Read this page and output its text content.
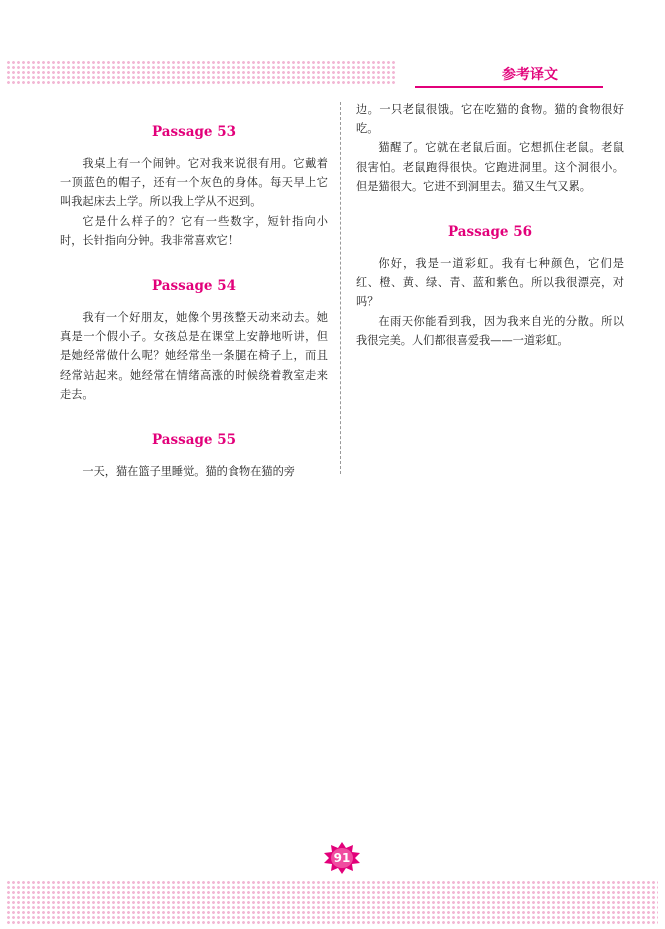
参考译文
Passage 53

我桌上有一个闹钟。它对我来说很有用。它戴着一顶蓝色的帽子，还有一个灰色的身体。每天早上它叫我起床去上学。所以我上学从不迟到。

它是什么样子的？它有一些数字，短针指向小时，长针指向分钟。我非常喜欢它！

Passage 54

我有一个好朋友，她像个男孩整天动来动去。她真是一个假小子。女孩总是在课堂上安静地听讲，但是她经常做什么呢？她经常坐一条腿在椅子上，而且经常站起来。她经常在情绪高涨的时候绕着教室走来走去。

Passage 55

一天，猫在篮子里睡觉。猫的食物在猫的旁

边。一只老鼠很饿。它在吃猫的食物。猫的食物很好吃。

猫醒了。它就在老鼠后面。它想抓住老鼠。老鼠很害怕。老鼠跑得很快。它跑进洞里。这个洞很小。但是猫很大。它进不到洞里去。猫又生气又累。

Passage 56

你好，我是一道彩虹。我有七种颜色，它们是红、橙、黄、绿、青、蓝和紫色。所以我很漂亮，对吗？

在雨天你能看到我，因为我来自光的分散。所以我很完美。人们都很喜爱我——一道彩虹。

91
